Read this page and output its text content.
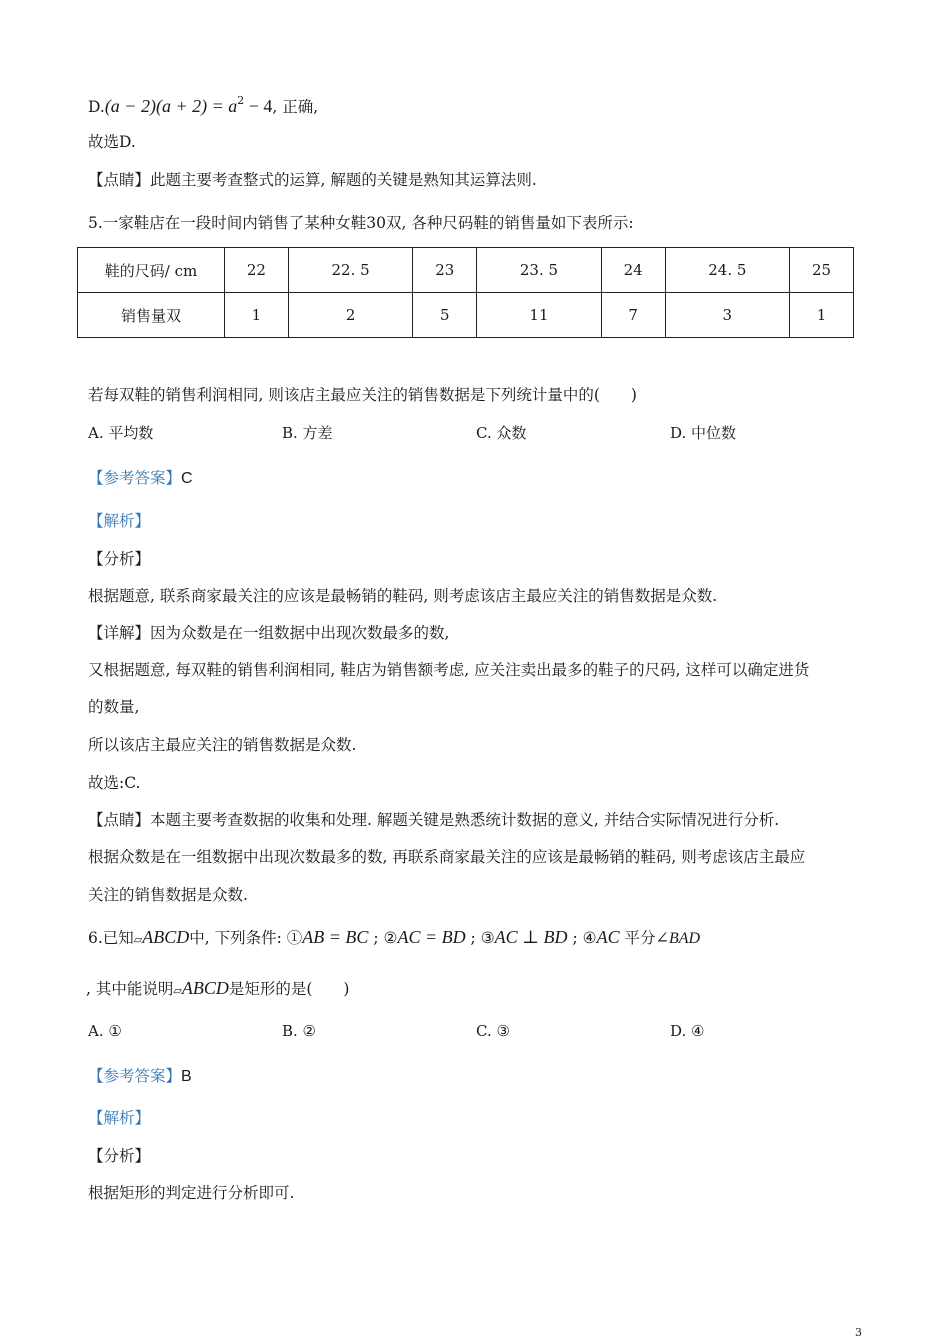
$D.(a - 2)(a + 2) = a^2 - 4$, 正确,
故选D.
【点睛】此题主要考查整式的运算, 解题的关键是熟知其运算法则.
5.一家鞋店在一段时间内销售了某种女鞋30双, 各种尺码鞋的销售量如下表所示:
鞋的尺码/ cm	22	22. 5	23	23. 5	24	24. 5	25
销售量双	1	2	5	11	7	3	1
若每双鞋的销售利润相同, 则该店主最应关注的销售数据是下列统计量中的(　　)
A. 平均数	B. 方差	C. 众数	D. 中位数
【参考答案】C
【解析】
【分析】
根据题意, 联系商家最关注的应该是最畅销的鞋码, 则考虑该店主最应关注的销售数据是众数.
【详解】因为众数是在一组数据中出现次数最多的数,
又根据题意, 每双鞋的销售利润相同, 鞋店为销售额考虑, 应关注卖出最多的鞋子的尺码, 这样可以确定进货
的数量,
所以该店主最应关注的销售数据是众数.
故选:C.
【点睛】本题主要考查数据的收集和处理. 解题关键是熟悉统计数据的意义, 并结合实际情况进行分析.
根据众数是在一组数据中出现次数最多的数, 再联系商家最关注的应该是最畅销的鞋码, 则考虑该店主最应
关注的销售数据是众数.
6.已知▱ABCD中, 下列条件: ①AB = BC ; ②AC = BD ; ③AC ⊥ BD ; ④AC 平分∠BAD
, 其中能说明▱ABCD是矩形的是(　　)
A. ①	B. ②	C. ③	D. ④
【参考答案】B
【解析】
【分析】
根据矩形的判定进行分析即可.
3
